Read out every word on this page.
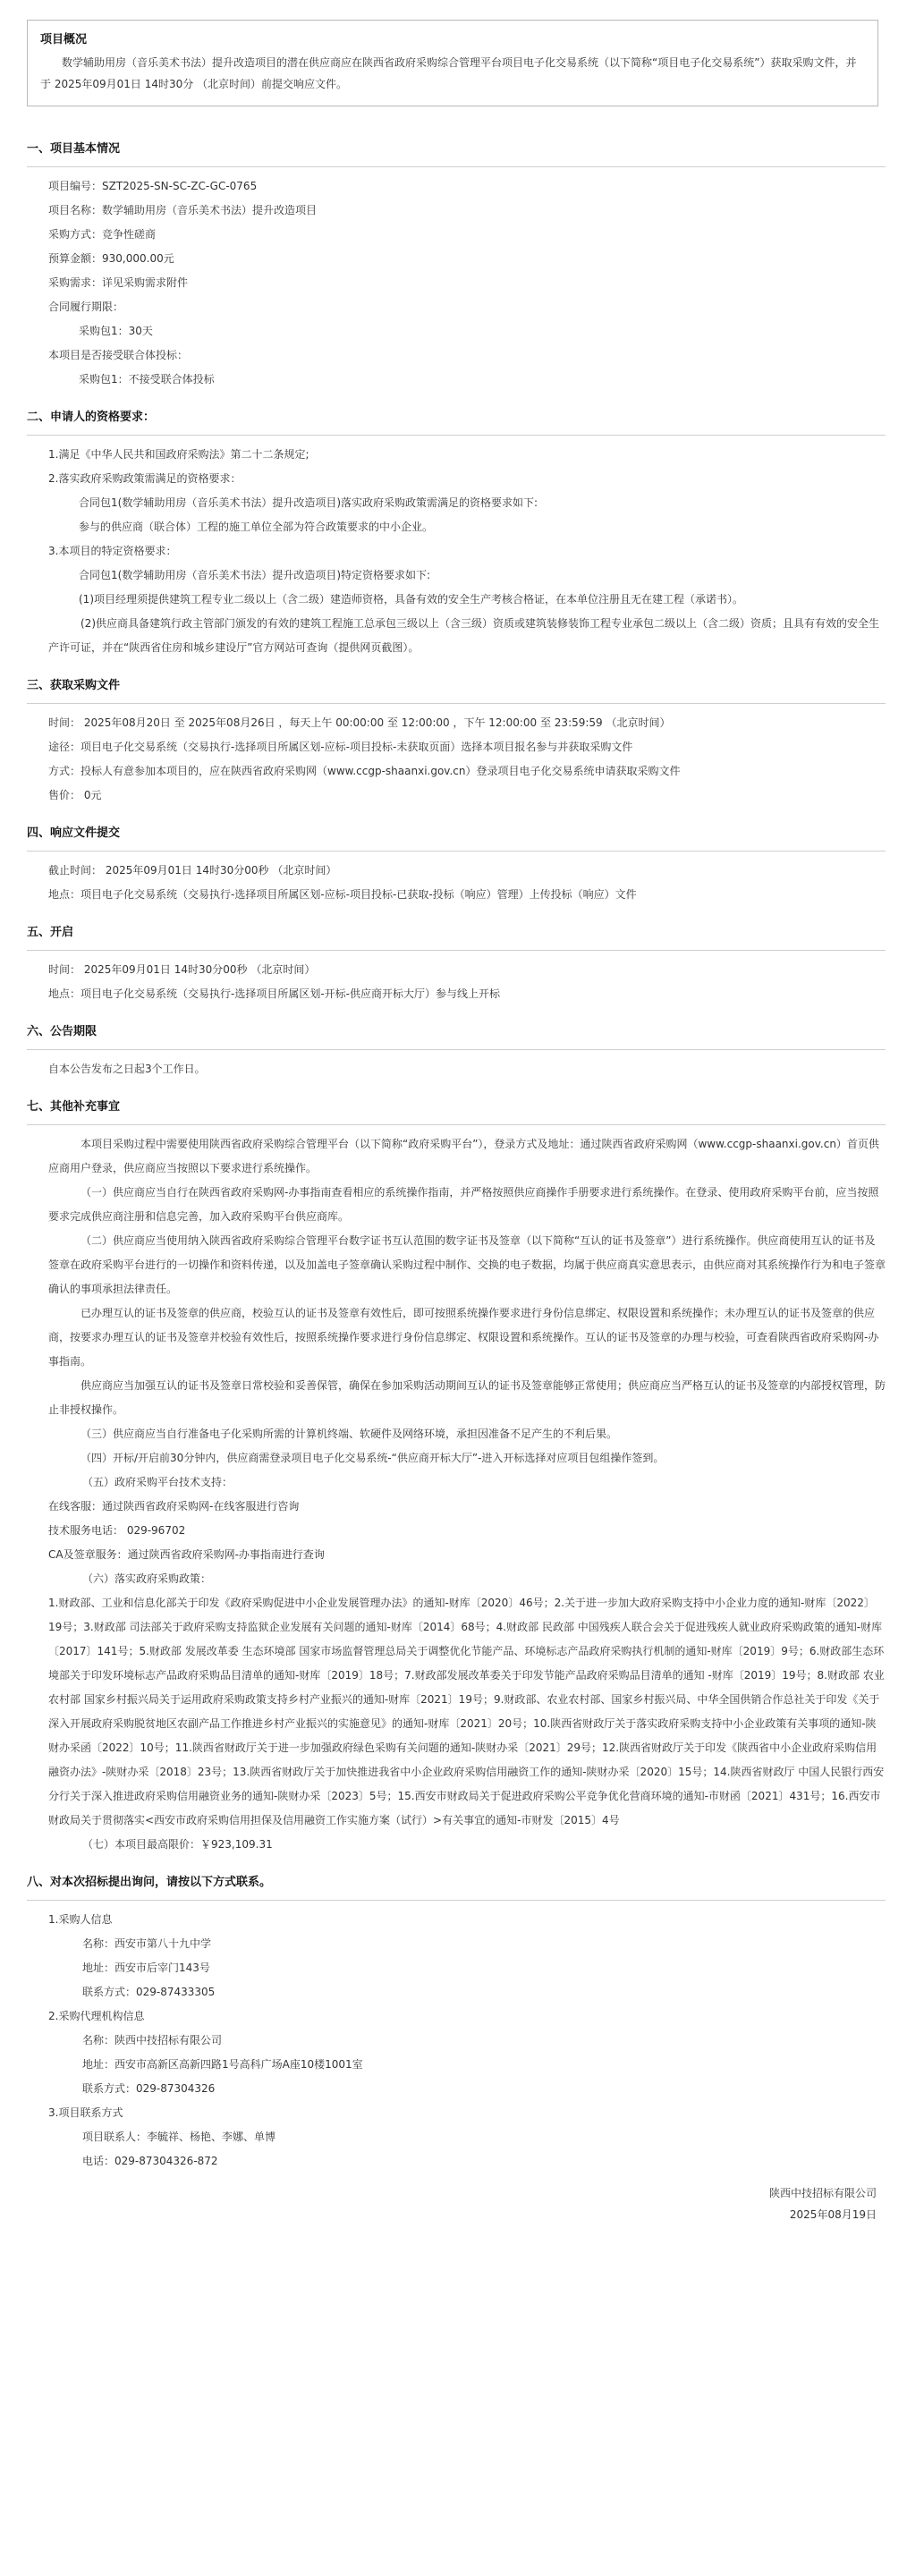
项目概况
数学辅助用房（音乐美术书法）提升改造项目的潜在供应商应在陕西省政府采购综合管理平台项目电子化交易系统（以下简称“项目电子化交易系统”）获取采购文件，并于 2025年09月01日 14时30分 （北京时间）前提交响应文件。
一、项目基本情况
项目编号：SZT2025-SN-SC-ZC-GC-0765
项目名称：数学辅助用房（音乐美术书法）提升改造项目
采购方式：竞争性磋商
预算金额：930,000.00元
采购需求：详见采购需求附件
合同履行期限：
采购包1：30天
本项目是否接受联合体投标：
采购包1：不接受联合体投标
二、申请人的资格要求：
1.满足《中华人民共和国政府采购法》第二十二条规定;
2.落实政府采购政策需满足的资格要求：
合同包1(数学辅助用房（音乐美术书法）提升改造项目)落实政府采购政策需满足的资格要求如下:
参与的供应商（联合体）工程的施工单位全部为符合政策要求的中小企业。
3.本项目的特定资格要求：
合同包1(数学辅助用房（音乐美术书法）提升改造项目)特定资格要求如下:
(1)项目经理须提供建筑工程专业二级以上（含二级）建造师资格，具备有效的安全生产考核合格证，在本单位注册且无在建工程（承诺书）。
(2)供应商具备建筑行政主管部门颁发的有效的建筑工程施工总承包三级以上（含三级）资质或建筑装修装饰工程专业承包二级以上（含二级）资质；且具有有效的安全生产许可证，并在“陕西省住房和城乡建设厅”官方网站可查询（提供网页截图）。
三、获取采购文件
时间： 2025年08月20日 至 2025年08月26日 ，每天上午 00:00:00 至 12:00:00 ，下午 12:00:00 至 23:59:59 （北京时间）
途径：项目电子化交易系统（交易执行-选择项目所属区划-应标-项目投标-未获取页面）选择本项目报名参与并获取采购文件
方式：投标人有意参加本项目的，应在陕西省政府采购网（www.ccgp-shaanxi.gov.cn）登录项目电子化交易系统申请获取采购文件
售价： 0元
四、响应文件提交
截止时间： 2025年09月01日 14时30分00秒 （北京时间）
地点：项目电子化交易系统（交易执行-选择项目所属区划-应标-项目投标-已获取-投标（响应）管理）上传投标（响应）文件
五、开启
时间： 2025年09月01日 14时30分00秒 （北京时间）
地点：项目电子化交易系统（交易执行-选择项目所属区划-开标-供应商开标大厅）参与线上开标
六、公告期限
自本公告发布之日起3个工作日。
七、其他补充事宜
本项目采购过程中需要使用陕西省政府采购综合管理平台（以下简称“政府采购平台”），登录方式及地址：通过陕西省政府采购网（www.ccgp-shaanxi.gov.cn）首页供应商用户登录，供应商应当按照以下要求进行系统操作。
（一）供应商应当自行在陕西省政府采购网-办事指南查看相应的系统操作指南，并严格按照供应商操作手册要求进行系统操作。在登录、使用政府采购平台前，应当按照要求完成供应商注册和信息完善，加入政府采购平台供应商库。
（二）供应商应当使用纳入陕西省政府采购综合管理平台数字证书互认范围的数字证书及签章（以下简称“互认的证书及签章”）进行系统操作。供应商使用互认的证书及签章在政府采购平台进行的一切操作和资料传递，以及加盖电子签章确认采购过程中制作、交换的电子数据，均属于供应商真实意思表示，由供应商对其系统操作行为和电子签章确认的事项承担法律责任。
已办理互认的证书及签章的供应商，校验互认的证书及签章有效性后，即可按照系统操作要求进行身份信息绑定、权限设置和系统操作；未办理互认的证书及签章的供应商，按要求办理互认的证书及签章并校验有效性后，按照系统操作要求进行身份信息绑定、权限设置和系统操作。互认的证书及签章的办理与校验，可查看陕西省政府采购网-办事指南。
供应商应当加强互认的证书及签章日常校验和妥善保管，确保在参加采购活动期间互认的证书及签章能够正常使用；供应商应当严格互认的证书及签章的内部授权管理，防止非授权操作。
（三）供应商应当自行准备电子化采购所需的计算机终端、软硬件及网络环境，承担因准备不足产生的不利后果。
（四）开标/开启前30分钟内，供应商需登录项目电子化交易系统-“供应商开标大厅”-进入开标选择对应项目包组操作签到。
（五）政府采购平台技术支持：
在线客服：通过陕西省政府采购网-在线客服进行咨询
技术服务电话： 029-96702
CA及签章服务：通过陕西省政府采购网-办事指南进行查询
（六）落实政府采购政策：
1.财政部、工业和信息化部关于印发《政府采购促进中小企业发展管理办法》的通知-财库〔2020〕46号；2.关于进一步加大政府采购支持中小企业力度的通知-财库〔2022〕19号；3.财政部 司法部关于政府采购支持监狱企业发展有关问题的通知-财库〔2014〕68号；4.财政部 民政部 中国残疾人联合会关于促进残疾人就业政府采购政策的通知-财库〔2017〕141号；5.财政部 发展改革委 生态环境部 国家市场监督管理总局关于调整优化节能产品、环境标志产品政府采购执行机制的通知-财库〔2019〕9号；6.财政部生态环境部关于印发环境标志产品政府采购品目清单的通知-财库〔2019〕18号；7.财政部发展改革委关于印发节能产品政府采购品目清单的通知 -财库〔2019〕19号；8.财政部 农业农村部 国家乡村振兴局关于运用政府采购政策支持乡村产业振兴的通知-财库〔2021〕19号；9.财政部、农业农村部、国家乡村振兴局、中华全国供销合作总社关于印发《关于深入开展政府采购脱贫地区农副产品工作推进乡村产业振兴的实施意见》的通知-财库〔2021〕20号；10.陕西省财政厅关于落实政府采购支持中小企业政策有关事项的通知-陕财办采函〔2022〕10号；11.陕西省财政厅关于进一步加强政府绿色采购有关问题的通知-陕财办采〔2021〕29号；12.陕西省财政厅关于印发《陕西省中小企业政府采购信用融资办法》-陕财办采〔2018〕23号；13.陕西省财政厅关于加快推进我省中小企业政府采购信用融资工作的通知-陕财办采〔2020〕15号；14.陕西省财政厅 中国人民银行西安分行关于深入推进政府采购信用融资业务的通知-陕财办采〔2023〕5号；15.西安市财政局关于促进政府采购公平竞争优化营商环境的通知-市财函〔2021〕431号；16.西安市财政局关于贯彻落实<西安市政府采购信用担保及信用融资工作实施方案（试行）>有关事宜的通知-市财发〔2015〕4号
（七）本项目最高限价：￥923,109.31
八、对本次招标提出询问，请按以下方式联系。
1.采购人信息
名称：西安市第八十九中学
地址：西安市后宰门143号
联系方式：029-87433305
2.采购代理机构信息
名称：陕西中技招标有限公司
地址：西安市高新区高新四路1号高科广场A座10楼1001室
联系方式：029-87304326
3.项目联系方式
项目联系人：李毓祥、杨艳、李娜、单博
电话：029-87304326-872
陕西中技招标有限公司
2025年08月19日
